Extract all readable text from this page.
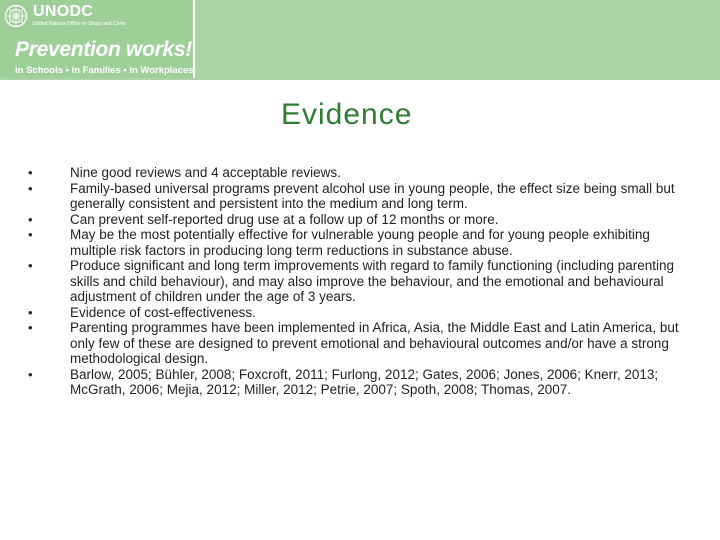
UNODC
United Nations Office on Drugs and Crime
Prevention works!
in Schools • in Families • in Workplaces
Evidence
•	Nine good reviews and 4 acceptable reviews.
•	Family-based universal programs prevent alcohol use in young people, the effect size being small but generally consistent and persistent into the medium and long term.
•	Can prevent self-reported drug use at a follow up of 12 months or more.
•	May be the most potentially effective for vulnerable young people and for young people exhibiting multiple risk factors in producing long term reductions in substance abuse.
•	Produce significant and long term improvements with regard to family functioning (including parenting skills and child behaviour), and may also improve the behaviour, and the emotional and behavioural adjustment of children under the age of 3 years.
•	Evidence of cost-effectiveness.
•	Parenting programmes have been implemented in Africa, Asia, the Middle East and Latin America, but only few of these are designed to prevent emotional and behavioural outcomes and/or have a strong methodological design.
•	Barlow, 2005; Bühler, 2008; Foxcroft, 2011; Furlong, 2012; Gates, 2006; Jones, 2006; Knerr, 2013; McGrath, 2006; Mejia, 2012; Miller, 2012; Petrie, 2007; Spoth, 2008; Thomas, 2007.
